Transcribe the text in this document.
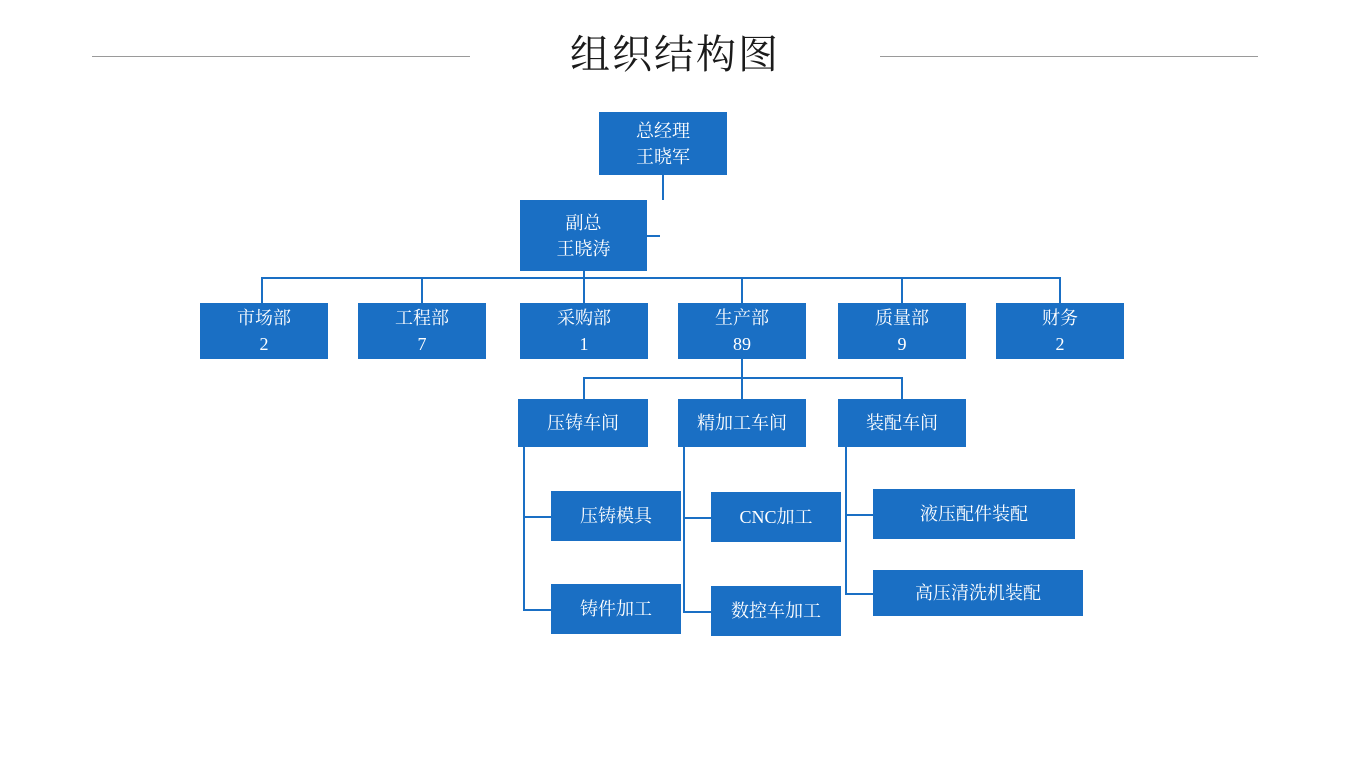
组织结构图
总经理
王晓军
副总
王晓涛
市场部
2
工程部
7
采购部
1
生产部
89
质量部
9
财务
2
压铸车间	精加工车间	装配车间
压铸模具
铸件加工
CNC加工
数控车加工
液压配件装配
高压清洗机装配
